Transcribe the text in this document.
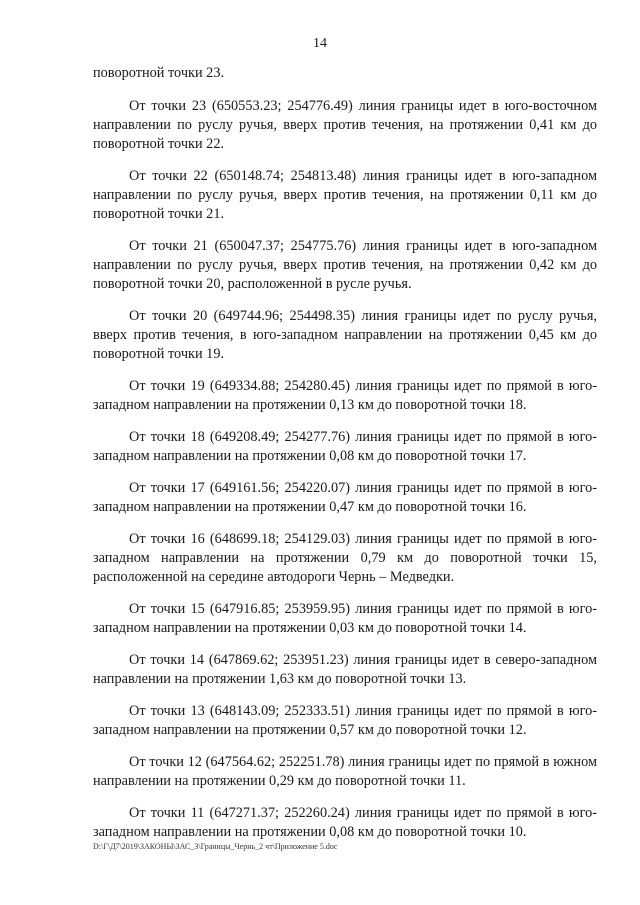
14

поворотной точки 23.

От точки 23 (650553.23; 254776.49) линия границы идет в юго-восточном направлении по руслу ручья, вверх против течения, на протяжении 0,41 км до поворотной точки 22.

От точки 22 (650148.74; 254813.48) линия границы идет в юго-западном направлении по руслу ручья, вверх против течения, на протяжении 0,11 км до поворотной точки 21.

От точки 21 (650047.37; 254775.76) линия границы идет в юго-западном направлении по руслу ручья, вверх против течения, на протяжении 0,42 км до поворотной точки 20, расположенной в русле ручья.

От точки 20 (649744.96; 254498.35) линия границы идет по руслу ручья, вверх против течения, в юго-западном направлении на протяжении 0,45 км до поворотной точки 19.

От точки 19 (649334.88; 254280.45) линия границы идет по прямой в юго-западном направлении на протяжении 0,13 км до поворотной точки 18.

От точки 18 (649208.49; 254277.76) линия границы идет по прямой в юго-западном направлении на протяжении 0,08 км до поворотной точки 17.

От точки 17 (649161.56; 254220.07) линия границы идет по прямой в юго-западном направлении на протяжении 0,47 км до поворотной точки 16.

От точки 16 (648699.18; 254129.03) линия границы идет по прямой в юго-западном направлении на протяжении 0,79 км до поворотной точки 15, расположенной на середине автодороги Чернь – Медведки.

От точки 15 (647916.85; 253959.95) линия границы идет по прямой в юго-западном направлении на протяжении 0,03 км до поворотной точки 14.

От точки 14 (647869.62; 253951.23) линия границы идет в северо-западном направлении на протяжении 1,63 км до поворотной точки 13.

От точки 13 (648143.09; 252333.51) линия границы идет по прямой в юго-западном направлении на протяжении 0,57 км до поворотной точки 12.

От точки 12 (647564.62; 252251.78) линия границы идет по прямой в южном направлении на протяжении 0,29 км до поворотной точки 11.

От точки 11 (647271.37; 252260.24) линия границы идет по прямой в юго-западном направлении на протяжении 0,08 км до поворотной точки 10.

D:\Г\Д7\2019\ЗАКОНЫ\ЗАС_3\Границы_Чернь_2 чт\Приложение 5.doc
